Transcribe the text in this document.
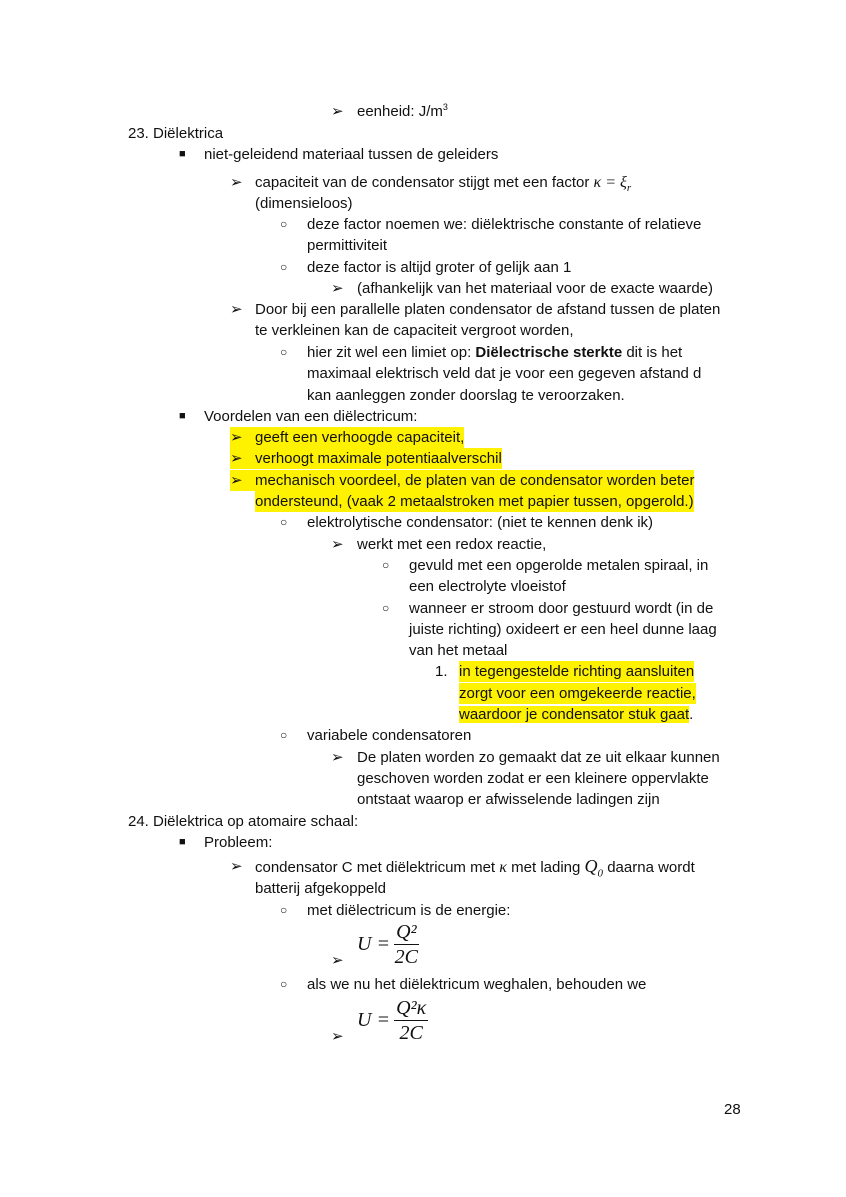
➢ eenheid: $J/m^3$
23. Diëlektrica
■ niet-geleidend materiaal tussen de geleiders
➢ capaciteit van de condensator stijgt met een factor $\kappa = \xi_r$
(dimensieloos)
○ deze factor noemen we: diëlektrische constante of relatieve
permittiviteit
○ deze factor is altijd groter of gelijk aan 1
➢ (afhankelijk van het materiaal voor de exacte waarde)
➢ Door bij een parallelle platen condensator de afstand tussen de platen
te verkleinen kan de capaciteit vergroot worden,
○ hier zit wel een limiet op: Diëlectrische sterkte dit is het
maximaal elektrisch veld dat je voor een gegeven afstand d
kan aanleggen zonder doorslag te veroorzaken.
■ Voordelen van een diëlectricum:
➢ geeft een verhoogde capaciteit,
➢ verhoogt maximale potentiaalverschil
➢ mechanisch voordeel, de platen van de condensator worden beter
ondersteund, (vaak 2 metaalstroken met papier tussen, opgerold.)
○ elektrolytische condensator: (niet te kennen denk ik)
➢ werkt met een redox reactie,
○ gevuld met een opgerolde metalen spiraal, in
een electrolyte vloeistof
○ wanneer er stroom door gestuurd wordt (in de
juiste richting) oxideert er een heel dunne laag
van het metaal
1. in tegengestelde richting aansluiten
zorgt voor een omgekeerde reactie,
waardoor je condensator stuk gaat.
○ variabele condensatoren
➢ De platen worden zo gemaakt dat ze uit elkaar kunnen
geschoven worden zodat er een kleinere oppervlakte
ontstaat waarop er afwisselende ladingen zijn
24. Diëlektrica op atomaire schaal:
■ Probleem:
➢ condensator C met diëlektricum met κ met lading $Q_0$ daarna wordt
batterij afgekoppeld
○ met diëlectricum is de energie:
➢
$U = \frac{\text{Q²}}{2C}$
○ als we nu het diëlektricum weghalen, behouden we
➢
$U = \frac{\text{Q²κ}}{2C}$
28
